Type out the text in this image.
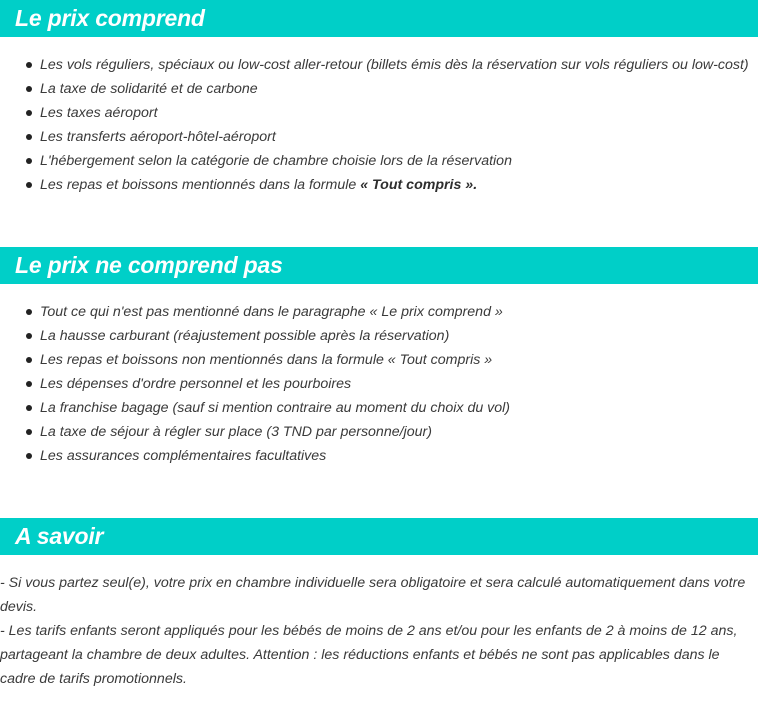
Le prix comprend
Les vols réguliers, spéciaux ou low-cost aller-retour (billets émis dès la réservation sur vols réguliers ou low-cost)
La taxe de solidarité et de carbone
Les taxes aéroport
Les transferts aéroport-hôtel-aéroport
L'hébergement selon la catégorie de chambre choisie lors de la réservation
Les repas et boissons mentionnés dans la formule « Tout compris ».
Le prix ne comprend pas
Tout ce qui n'est pas mentionné dans le paragraphe « Le prix comprend »
La hausse carburant (réajustement possible après la réservation)
Les repas et boissons non mentionnés dans la formule « Tout compris »
Les dépenses d'ordre personnel et les pourboires
La franchise bagage (sauf si mention contraire au moment du choix du vol)
La taxe de séjour à régler sur place (3 TND par personne/jour)
Les assurances complémentaires facultatives
A savoir

- Si vous partez seul(e), votre prix en chambre individuelle sera obligatoire et sera calculé automatiquement dans votre devis.

- Les tarifs enfants seront appliqués pour les bébés de moins de 2 ans et/ou pour les enfants de 2 à moins de 12 ans, partageant la chambre de deux adultes. Attention : les réductions enfants et bébés ne sont pas applicables dans le cadre de tarifs promotionnels.
